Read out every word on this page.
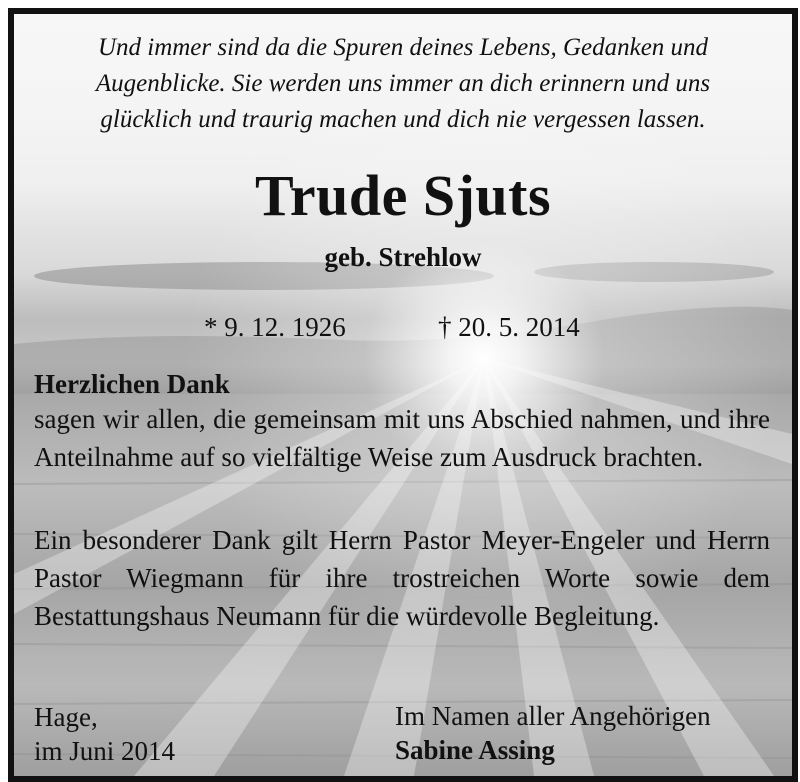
Und immer sind da die Spuren deines Lebens, Gedanken und
Augenblicke. Sie werden uns immer an dich erinnern und uns
glücklich und traurig machen und dich nie vergessen lassen.

Trude Sjuts
geb. Strehlow
* 9. 12. 1926	† 20. 5. 2014
Herzlichen Dank

sagen wir allen, die gemeinsam mit uns Abschied nahmen, und ihre Anteilnahme auf so vielfältige Weise zum Ausdruck brachten.

Ein besonderer Dank gilt Herrn Pastor Meyer-Engeler und Herrn Pastor Wiegmann für ihre trostreichen Worte sowie dem Bestattungshaus Neumann für die würdevolle Begleitung.

Hage,
im Juni 2014
Im Namen aller Angehörigen
Sabine Assing
